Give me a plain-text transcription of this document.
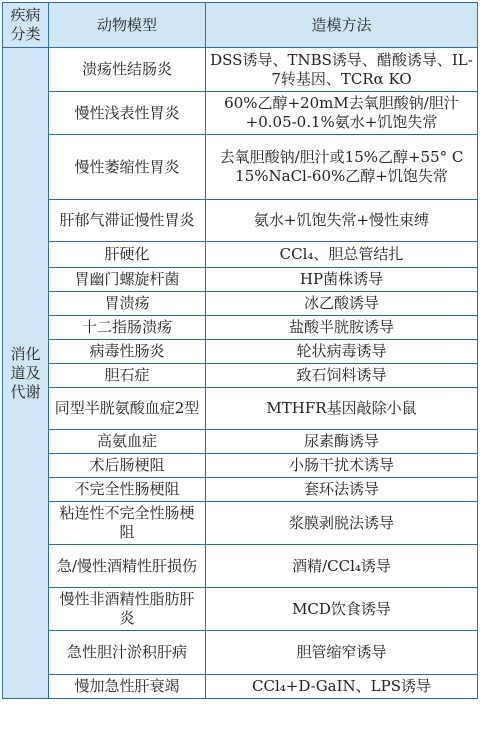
疾病分类	动物模型	造模方法
消化道及代谢	溃疡性结肠炎	DSS诱导、TNBS诱导、醋酸诱导、IL-7转基因、TCRα KO
	慢性浅表性胃炎	60%乙醇+20mM去氧胆酸钠/胆汁+0.05-0.1%氨水+饥饱失常
	慢性萎缩性胃炎	去氧胆酸钠/胆汁或15%乙醇+55° C 15%NaCl-60%乙醇+饥饱失常
	肝郁气滞证慢性胃炎	氨水+饥饱失常+慢性束缚
	肝硬化	CCl₄、胆总管结扎
	胃幽门螺旋杆菌	HP菌株诱导
	胃溃疡	冰乙酸诱导
	十二指肠溃疡	盐酸半胱胺诱导
	病毒性肠炎	轮状病毒诱导
	胆石症	致石饲料诱导
	同型半胱氨酸血症2型	MTHFR基因敲除小鼠
	高氨血症	尿素酶诱导
	术后肠梗阻	小肠干扰术诱导
	不完全性肠梗阻	套环法诱导
	粘连性不完全性肠梗阻	浆膜剥脱法诱导
	急/慢性酒精性肝损伤	酒精/CCl₄诱导
	慢性非酒精性脂肪肝炎	MCD饮食诱导
	急性胆汁淤积肝病	胆管缩窄诱导
	慢加急性肝衰竭	CCl₄+D-GaIN、LPS诱导
